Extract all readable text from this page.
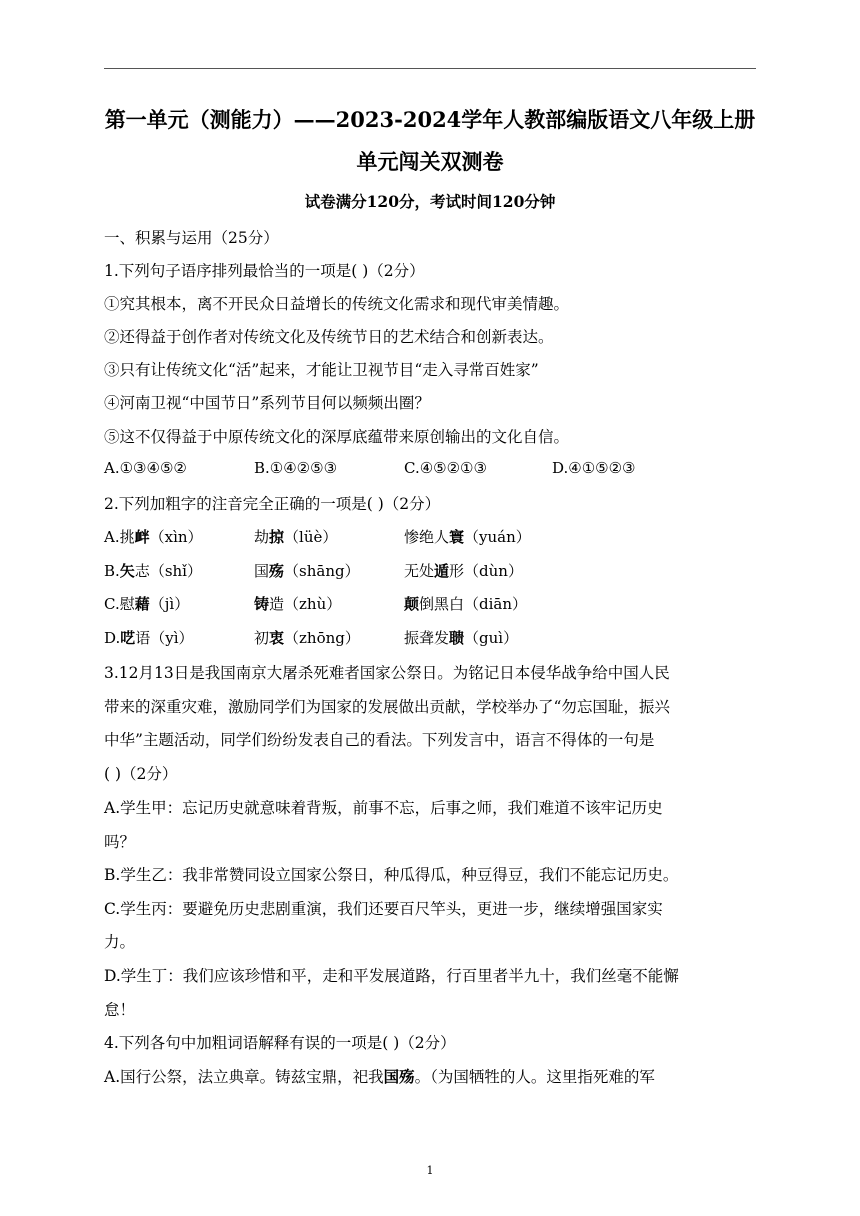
第一单元（测能力）——2023-2024学年人教部编版语文八年级上册
单元闯关双测卷
试卷满分120分，考试时间120分钟
一、积累与运用（25分）
1.下列句子语序排列最恰当的一项是( )（2分）
①究其根本，离不开民众日益增长的传统文化需求和现代审美情趣。
②还得益于创作者对传统文化及传统节日的艺术结合和创新表达。
③只有让传统文化“活”起来，才能让卫视节目“走入寻常百姓家”
④河南卫视“中国节日”系列节目何以频频出圈？
⑤这不仅得益于中原传统文化的深厚底蕴带来原创输出的文化自信。
A.①③④⑤②	B.①④②⑤③	C.④⑤②①③	D.④①⑤②③
2.下列加粗字的注音完全正确的一项是( )（2分）
A.挑衅（xìn）	劫掠（lüè）	惨绝人寰（yuán）
B.矢志（shǐ）	国殇（shāng）	无处遁形（dùn）
C.慰藉（jì）	铸造（zhù）	颠倒黑白（diān）
D.呓语（yì）	初衷（zhōng）	振聋发聩（guì）
3.12月13日是我国南京大屠杀死难者国家公祭日。为铭记日本侵华战争给中国人民
带来的深重灾难，激励同学们为国家的发展做出贡献，学校举办了“勿忘国耻，振兴
中华”主题活动，同学们纷纷发表自己的看法。下列发言中，语言不得体的一句是
( )（2分）
A.学生甲：忘记历史就意味着背叛，前事不忘，后事之师，我们难道不该牢记历史
吗？
B.学生乙：我非常赞同设立国家公祭日，种瓜得瓜，种豆得豆，我们不能忘记历史。
C.学生丙：要避免历史悲剧重演，我们还要百尺竿头，更进一步，继续增强国家实
力。
D.学生丁：我们应该珍惜和平，走和平发展道路，行百里者半九十，我们丝毫不能懈
怠！
4.下列各句中加粗词语解释有误的一项是( )（2分）
A.国行公祭，法立典章。铸兹宝鼎，祀我国殇。（为国牺牲的人。这里指死难的军
1
